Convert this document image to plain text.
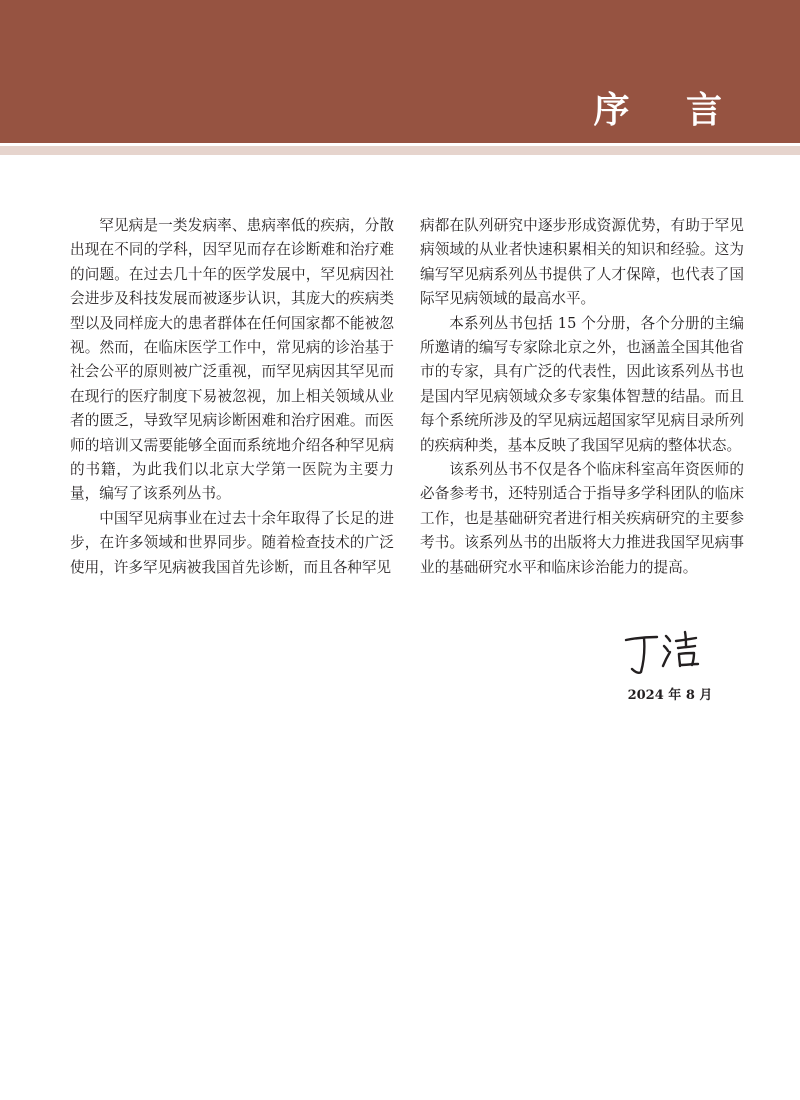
序 言

罕见病是一类发病率、患病率低的疾病，分散出现在不同的学科，因罕见而存在诊断难和治疗难的问题。在过去几十年的医学发展中，罕见病因社会进步及科技发展而被逐步认识，其庞大的疾病类型以及同样庞大的患者群体在任何国家都不能被忽视。然而，在临床医学工作中，常见病的诊治基于社会公平的原则被广泛重视，而罕见病因其罕见而在现行的医疗制度下易被忽视，加上相关领域从业者的匮乏，导致罕见病诊断困难和治疗困难。而医师的培训又需要能够全面而系统地介绍各种罕见病的书籍，为此我们以北京大学第一医院为主要力量，编写了该系列丛书。

中国罕见病事业在过去十余年取得了长足的进步，在许多领域和世界同步。随着检查技术的广泛使用，许多罕见病被我国首先诊断，而且各种罕见

病都在队列研究中逐步形成资源优势，有助于罕见病领域的从业者快速积累相关的知识和经验。这为编写罕见病系列丛书提供了人才保障，也代表了国际罕见病领域的最高水平。

本系列丛书包括 15 个分册，各个分册的主编所邀请的编写专家除北京之外，也涵盖全国其他省市的专家，具有广泛的代表性，因此该系列丛书也是国内罕见病领域众多专家集体智慧的结晶。而且每个系统所涉及的罕见病远超国家罕见病目录所列的疾病种类，基本反映了我国罕见病的整体状态。

该系列丛书不仅是各个临床科室高年资医师的必备参考书，还特别适合于指导多学科团队的临床工作，也是基础研究者进行相关疾病研究的主要参考书。该系列丛书的出版将大力推进我国罕见病事业的基础研究水平和临床诊治能力的提高。

2024 年 8 月
